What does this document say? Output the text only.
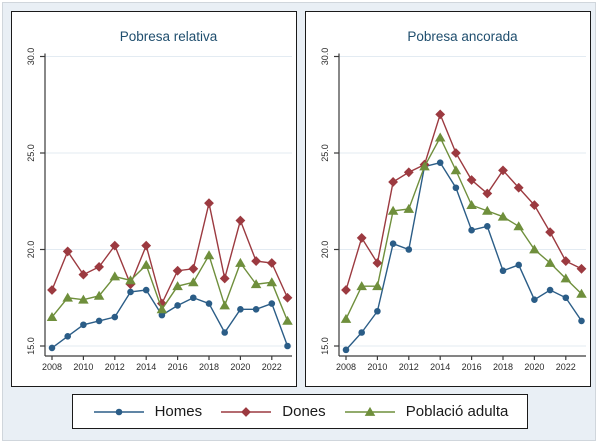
2008 2010 2012 2014 2016 2018 2020 2022
15.0
20.0
25.0
30.0
Pobresa relativa
2008 2010 2012 2014 2016 2018 2020 2022
15.0
20.0
25.0
30.0
Pobresa ancorada
Homes	Dones	Població adulta
